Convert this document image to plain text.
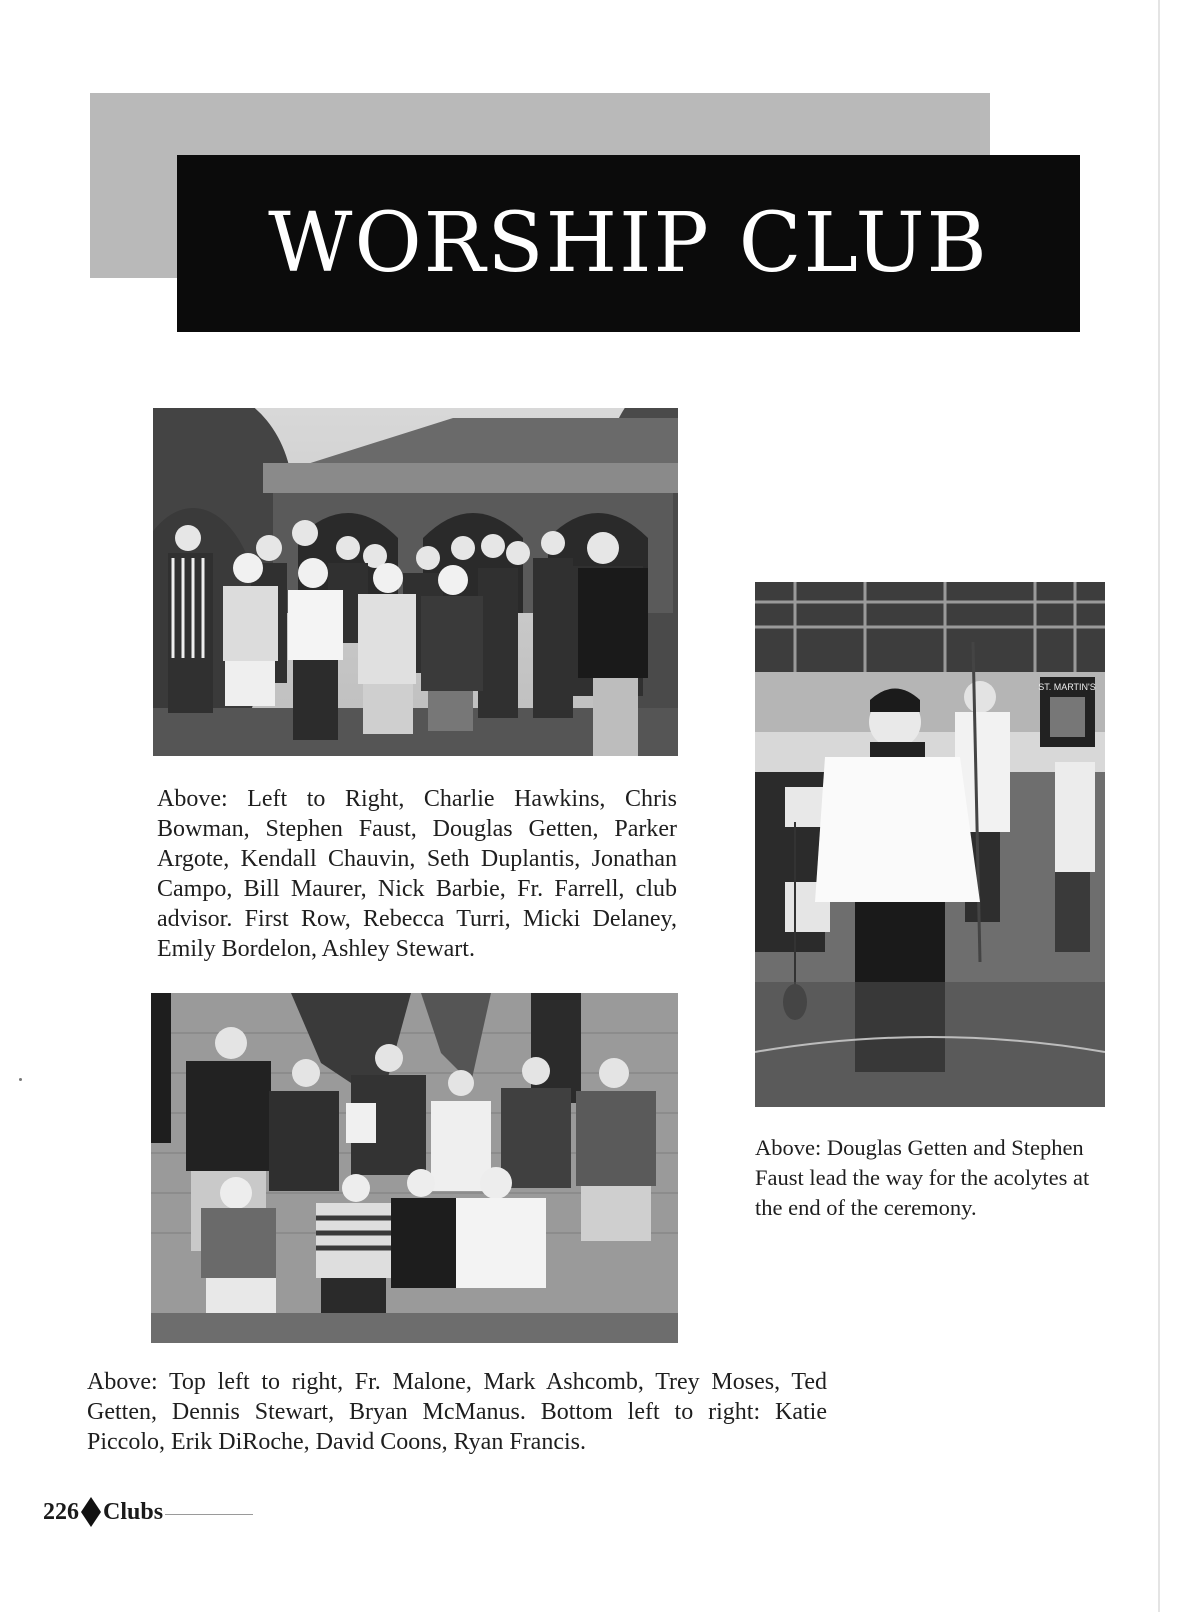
WORSHIP CLUB
ST. MARTIN'S

Above: Left to Right, Charlie Hawkins, Chris Bowman, Stephen Faust, Douglas Getten, Parker Argote, Kendall Chauvin, Seth Duplantis, Jonathan Campo, Bill Maurer, Nick Barbie, Fr. Farrell, club advisor. First Row, Rebecca Turri, Micki Delaney, Emily Bordelon, Ashley Stewart.

Above: Douglas Getten and Stephen Faust lead the way for the acolytes at the end of the ceremony.

Above: Top left to right, Fr. Malone, Mark Ashcomb, Trey Moses, Ted Getten, Dennis Stewart, Bryan McManus. Bottom left to right: Katie Piccolo, Erik DiRoche, David Coons, Ryan Francis.

226 Clubs
